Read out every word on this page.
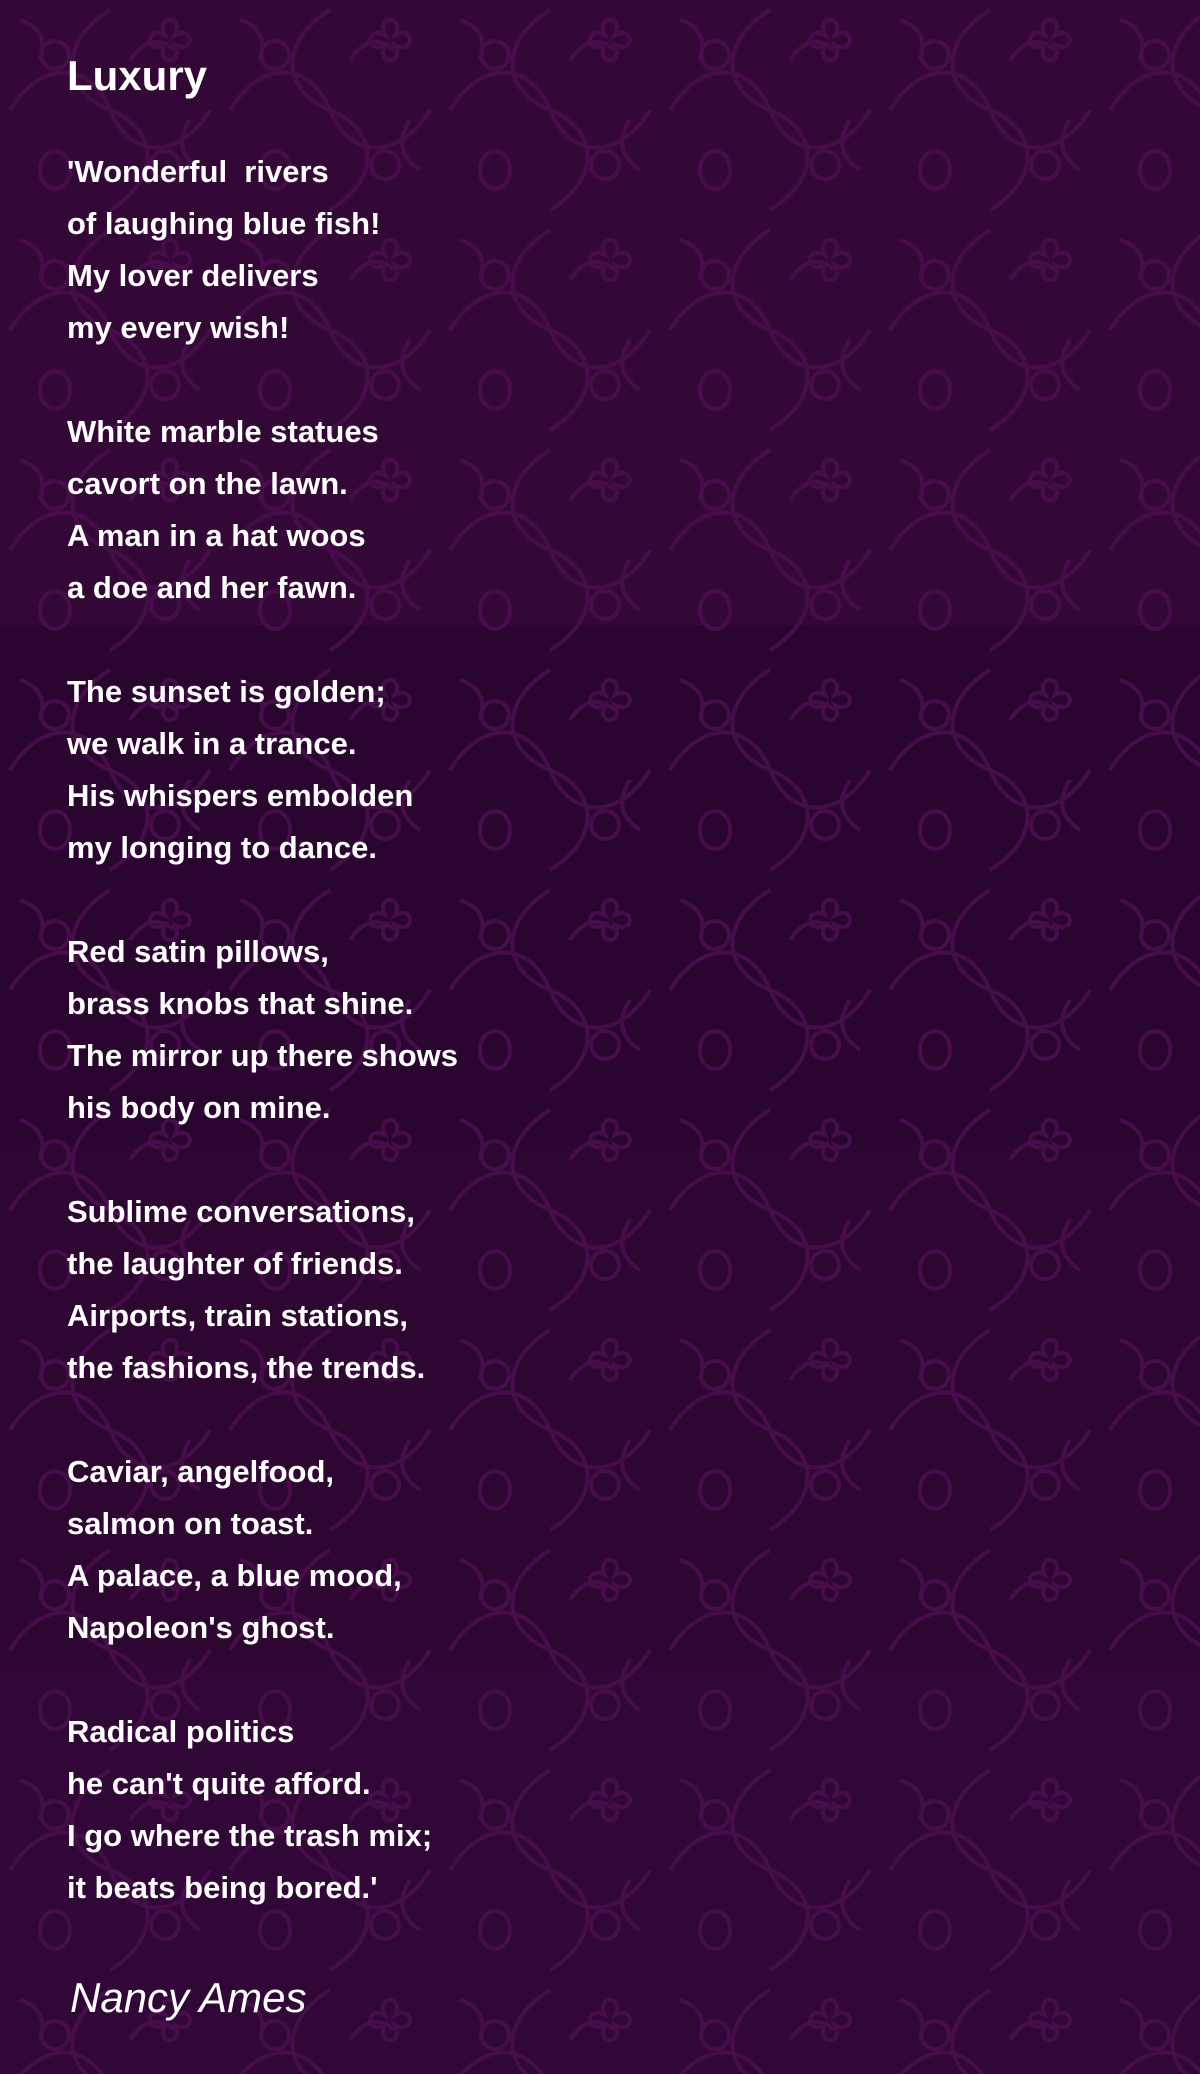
Luxury
'Wonderful  rivers
of laughing blue fish!
My lover delivers
my every wish!
White marble statues
cavort on the lawn.
A man in a hat woos
a doe and her fawn.
The sunset is golden;
we walk in a trance.
His whispers embolden
my longing to dance.
Red satin pillows,
brass knobs that shine.
The mirror up there shows
his body on mine.
Sublime conversations,
the laughter of friends.
Airports, train stations,
the fashions, the trends.
Caviar, angelfood,
salmon on toast.
A palace, a blue mood,
Napoleon's ghost.
Radical politics
he can't quite afford.
I go where the trash mix;
it beats being bored.'
Nancy Ames
